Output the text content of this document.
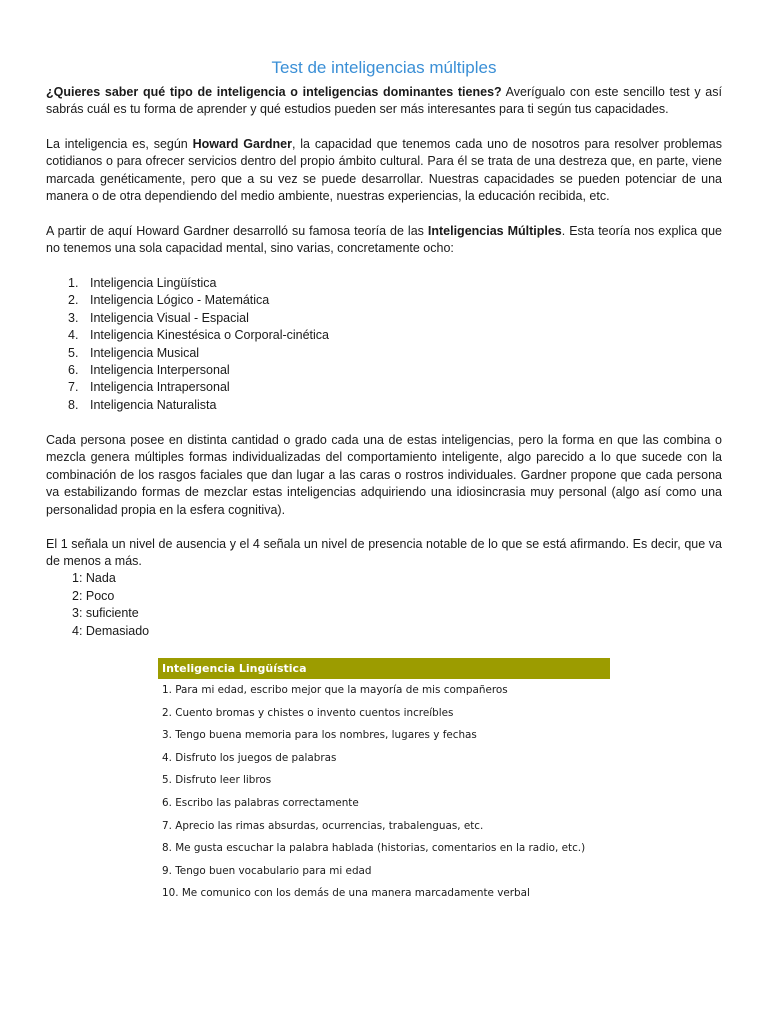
Test de inteligencias múltiples

¿Quieres saber qué tipo de inteligencia o inteligencias dominantes tienes? Averígualo con este sencillo test y así sabrás cuál es tu forma de aprender y qué estudios pueden ser más interesantes para ti según tus capacidades.

La inteligencia es, según Howard Gardner, la capacidad que tenemos cada uno de nosotros para resolver problemas cotidianos o para ofrecer servicios dentro del propio ámbito cultural. Para él se trata de una destreza que, en parte, viene marcada genéticamente, pero que a su vez se puede desarrollar. Nuestras capacidades se pueden potenciar de una manera o de otra dependiendo del medio ambiente, nuestras experiencias, la educación recibida, etc.

A partir de aquí Howard Gardner desarrolló su famosa teoría de las Inteligencias Múltiples. Esta teoría nos explica que no tenemos una sola capacidad mental, sino varias, concretamente ocho:

1. Inteligencia Lingüística
2. Inteligencia Lógico - Matemática
3. Inteligencia Visual - Espacial
4. Inteligencia Kinestésica o Corporal-cinética
5. Inteligencia Musical
6. Inteligencia Interpersonal
7. Inteligencia Intrapersonal
8. Inteligencia Naturalista

Cada persona posee en distinta cantidad o grado cada una de estas inteligencias, pero la forma en que las combina o mezcla genera múltiples formas individualizadas del comportamiento inteligente, algo parecido a lo que sucede con la combinación de los rasgos faciales que dan lugar a las caras o rostros individuales. Gardner propone que cada persona va estabilizando formas de mezclar estas inteligencias adquiriendo una idiosincrasia muy personal (algo así como una personalidad propia en la esfera cognitiva).

El 1 señala un nivel de ausencia y el 4 señala un nivel de presencia notable de lo que se está afirmando. Es decir, que va de menos a más.

1: Nada
2: Poco
3: suficiente
4: Demasiado
Inteligencia Lingüística
1. Para mi edad, escribo mejor que la mayoría de mis compañeros
2. Cuento bromas y chistes o invento cuentos increíbles
3. Tengo buena memoria para los nombres, lugares y fechas
4. Disfruto los juegos de palabras
5. Disfruto leer libros
6. Escribo las palabras correctamente
7. Aprecio las rimas absurdas, ocurrencias, trabalenguas, etc.
8. Me gusta escuchar la palabra hablada (historias, comentarios en la radio, etc.)
9. Tengo buen vocabulario para mi edad
10. Me comunico con los demás de una manera marcadamente verbal
